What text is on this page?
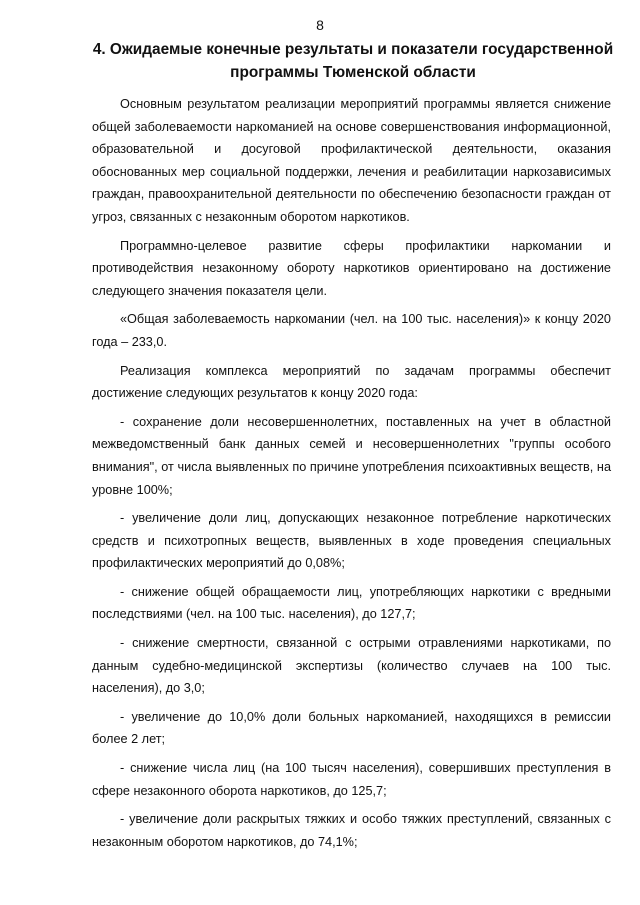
8
4. Ожидаемые конечные результаты и показатели государственной программы Тюменской области

Основным результатом реализации мероприятий программы является снижение общей заболеваемости наркоманией на основе совершенствования информационной, образовательной и досуговой профилактической деятельности, оказания обоснованных мер социальной поддержки, лечения и реабилитации наркозависимых граждан, правоохранительной деятельности по обеспечению безопасности граждан от угроз, связанных с незаконным оборотом наркотиков.

Программно-целевое развитие сферы профилактики наркомании и противодействия незаконному обороту наркотиков ориентировано на достижение следующего значения показателя цели.

«Общая заболеваемость наркомании (чел. на 100 тыс. населения)» к концу 2020 года – 233,0.

Реализация комплекса мероприятий по задачам программы обеспечит достижение следующих результатов к концу 2020 года:

- сохранение доли несовершеннолетних, поставленных на учет в областной межведомственный банк данных семей и несовершеннолетних "группы особого внимания", от числа выявленных по причине употребления психоактивных веществ, на уровне 100%;

- увеличение доли лиц, допускающих незаконное потребление наркотических средств и психотропных веществ, выявленных в ходе проведения специальных профилактических мероприятий до 0,08%;

- снижение общей обращаемости лиц, употребляющих наркотики с вредными последствиями (чел. на 100 тыс. населения), до 127,7;

- снижение смертности, связанной с острыми отравлениями наркотиками, по данным судебно-медицинской экспертизы (количество случаев на 100 тыс. населения), до 3,0;

- увеличение до 10,0% доли больных наркоманией, находящихся в ремиссии более 2 лет;

- снижение числа лиц (на 100 тысяч населения), совершивших преступления в сфере незаконного оборота наркотиков, до 125,7;

- увеличение доли раскрытых тяжких и особо тяжких преступлений, связанных с незаконным оборотом наркотиков, до 74,1%;
